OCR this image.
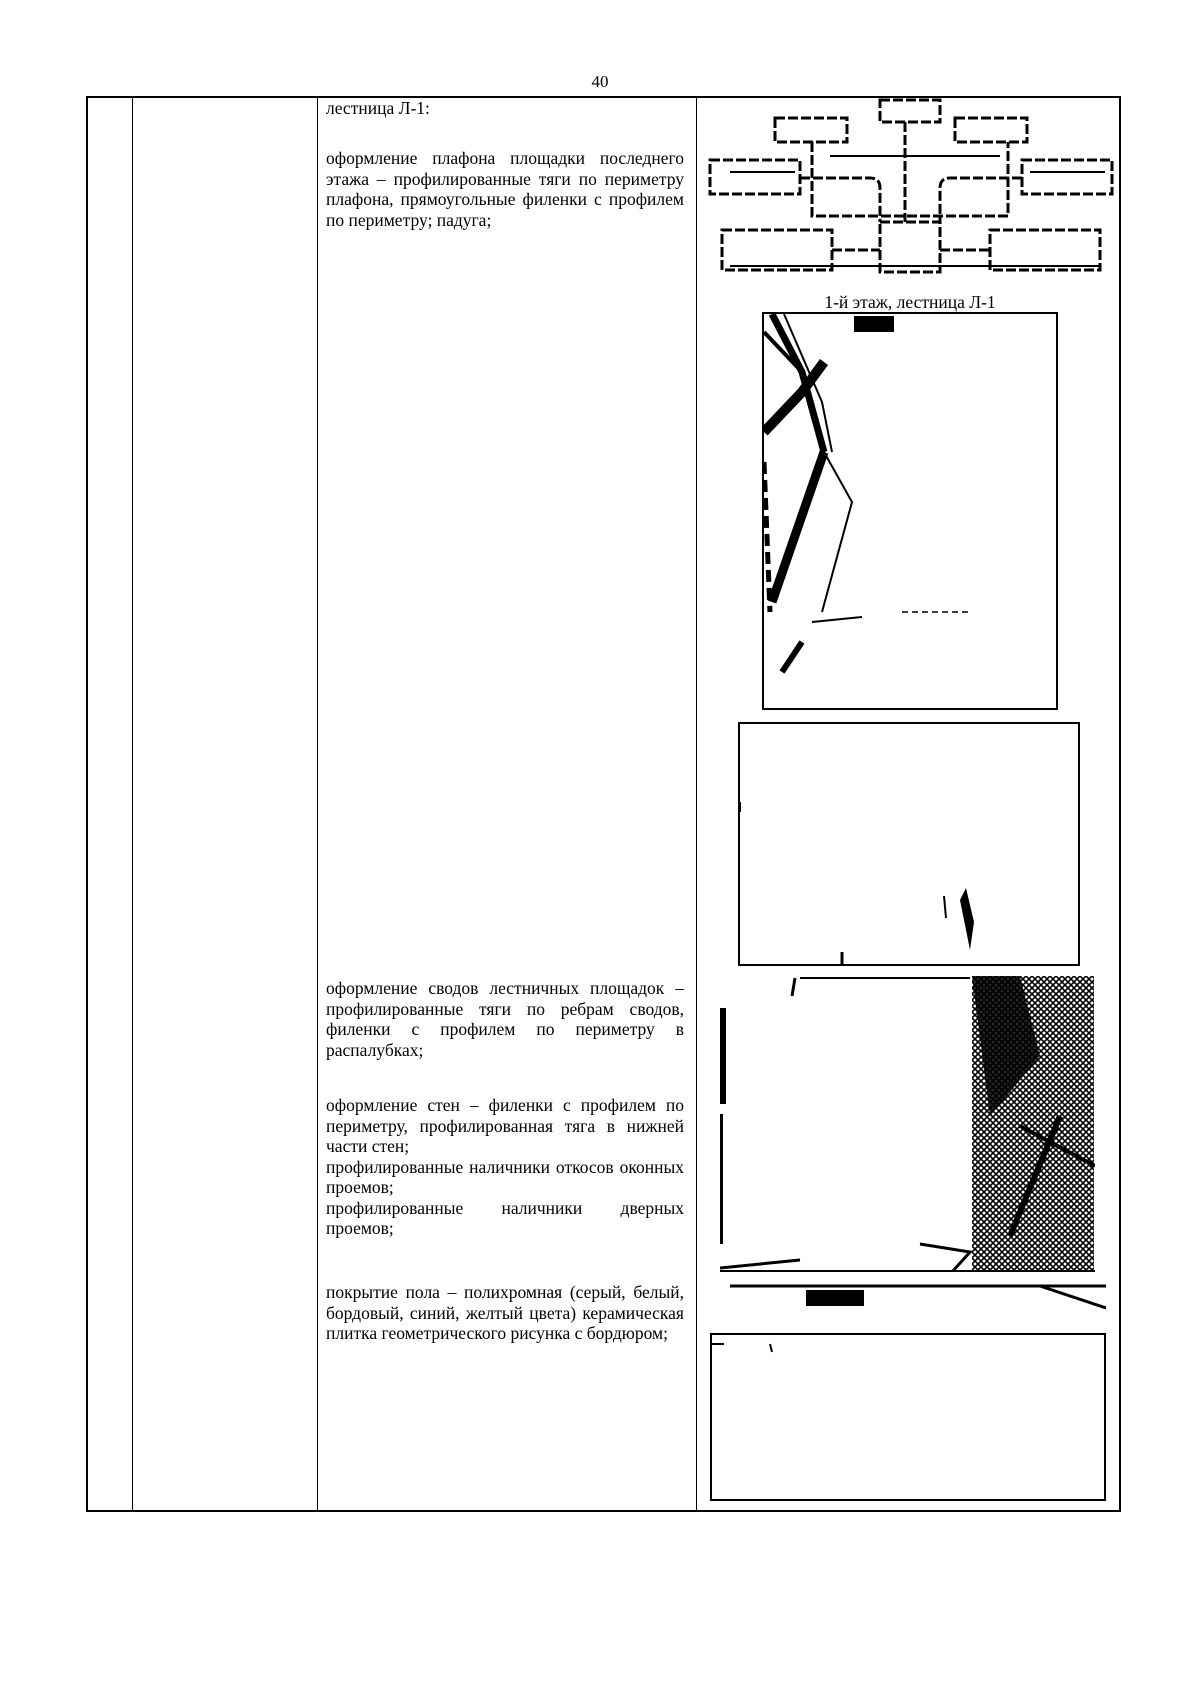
40

лестница Л-1:

оформление плафона площадки последнего этажа – профилированные тяги по периметру плафона, прямоугольные филенки с профилем по периметру; падуга;

оформление сводов лестничных площадок – профилированные тяги по ребрам сводов, филенки с профилем по периметру в распалубках;

оформление стен – филенки с профилем по периметру, профилированная тяга в нижней части стен;

профилированные наличники откосов оконных проемов;

профилированные наличники дверных проемов;

покрытие пола – полихромная (серый, белый, бордовый, синий, желтый цвета) керамическая плитка геометрического рисунка с бордюром;

1-й этаж, лестница Л-1
